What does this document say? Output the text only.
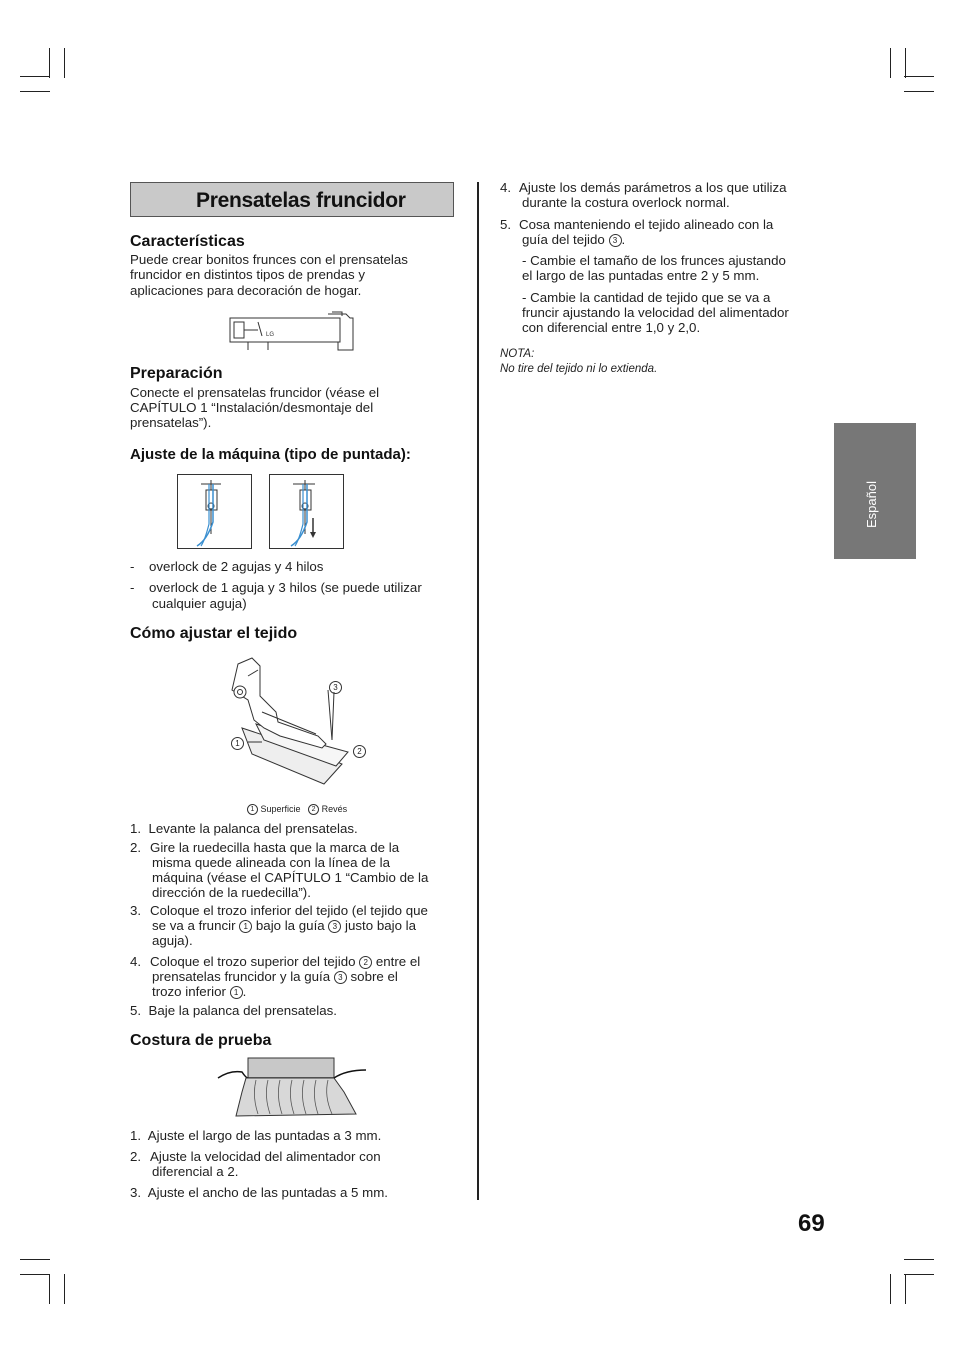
Prensatelas fruncidor
Características
Puede crear bonitos frunces con el prensatelas
fruncidor en distintos tipos de prendas y
aplicaciones para decoración de hogar.
LG
Preparación
Conecte el prensatelas fruncidor (véase el
CAPÍTULO 1 “Instalación/desmontaje del
prensatelas”).
Ajuste de la máquina (tipo de puntada):
- overlock de 2 agujas y 4 hilos
- overlock de 1 aguja y 3 hilos (se puede utilizar
cualquier aguja)
Cómo ajustar el tejido
3
1
2
1 Superficie 2 Revés
1. Levante la palanca del prensatelas.
2. Gire la ruedecilla hasta que la marca de la
misma quede alineada con la línea de la
máquina (véase el CAPÍTULO 1 “Cambio de la
dirección de la ruedecilla”).
3. Coloque el trozo inferior del tejido (el tejido que
se va a fruncir 1 bajo la guía 3 justo bajo la
aguja).
4. Coloque el trozo superior del tejido 2 entre el
prensatelas fruncidor y la guía 3 sobre el
trozo inferior 1 .
5. Baje la palanca del prensatelas.
Costura de prueba
1. Ajuste el largo de las puntadas a 3 mm.
2. Ajuste la velocidad del alimentador con
diferencial a 2.
3. Ajuste el ancho de las puntadas a 5 mm.
4. Ajuste los demás parámetros a los que utiliza
durante la costura overlock normal.
5. Cosa manteniendo el tejido alineado con la
guía del tejido 3 .
- Cambie el tamaño de los frunces ajustando
el largo de las puntadas entre 2 y 5 mm.
- Cambie la cantidad de tejido que se va a
fruncir ajustando la velocidad del alimentador
con diferencial entre 1,0 y 2,0.
NOTA:
No tire del tejido ni lo extienda.
Español
69
